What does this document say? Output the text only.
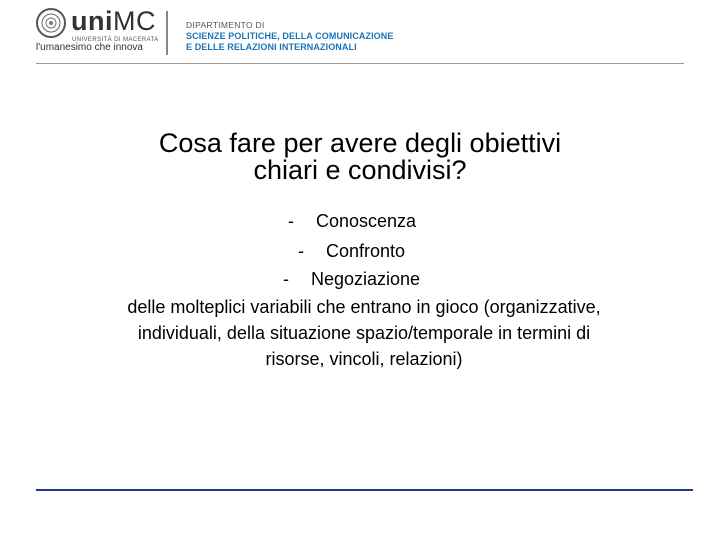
uniMC
UNIVERSITÀ DI MACERATA
l'umanesimo che innova
DIPARTIMENTO DI
SCIENZE POLITICHE, DELLA COMUNICAZIONE
E DELLE RELAZIONI INTERNAZIONALI
Cosa fare per avere degli obiettivi
chiari e condivisi?
- Conoscenza
- Confronto
- Negoziazione
delle molteplici variabili che entrano in gioco (organizzative,
individuali, della situazione spazio/temporale in termini di
risorse, vincoli, relazioni)
